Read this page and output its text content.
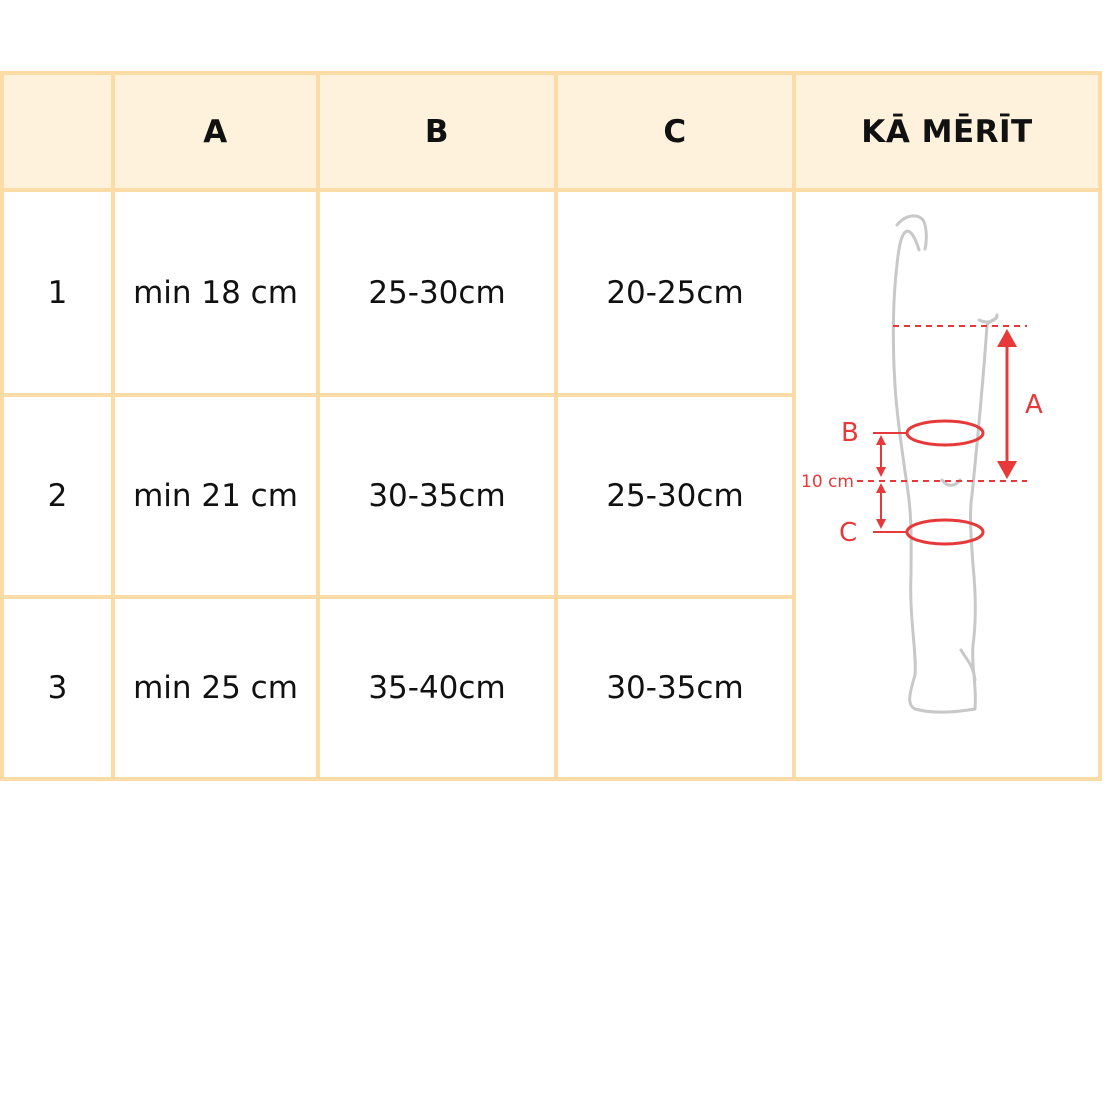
	A	B	C	KĀ MĒRĪT
1	min 18 cm	25-30cm	20-25cm	A
B
C
10 cm

2	min 21 cm	30-35cm	25-30cm	
3	min 25 cm	35-40cm	30-35cm	
